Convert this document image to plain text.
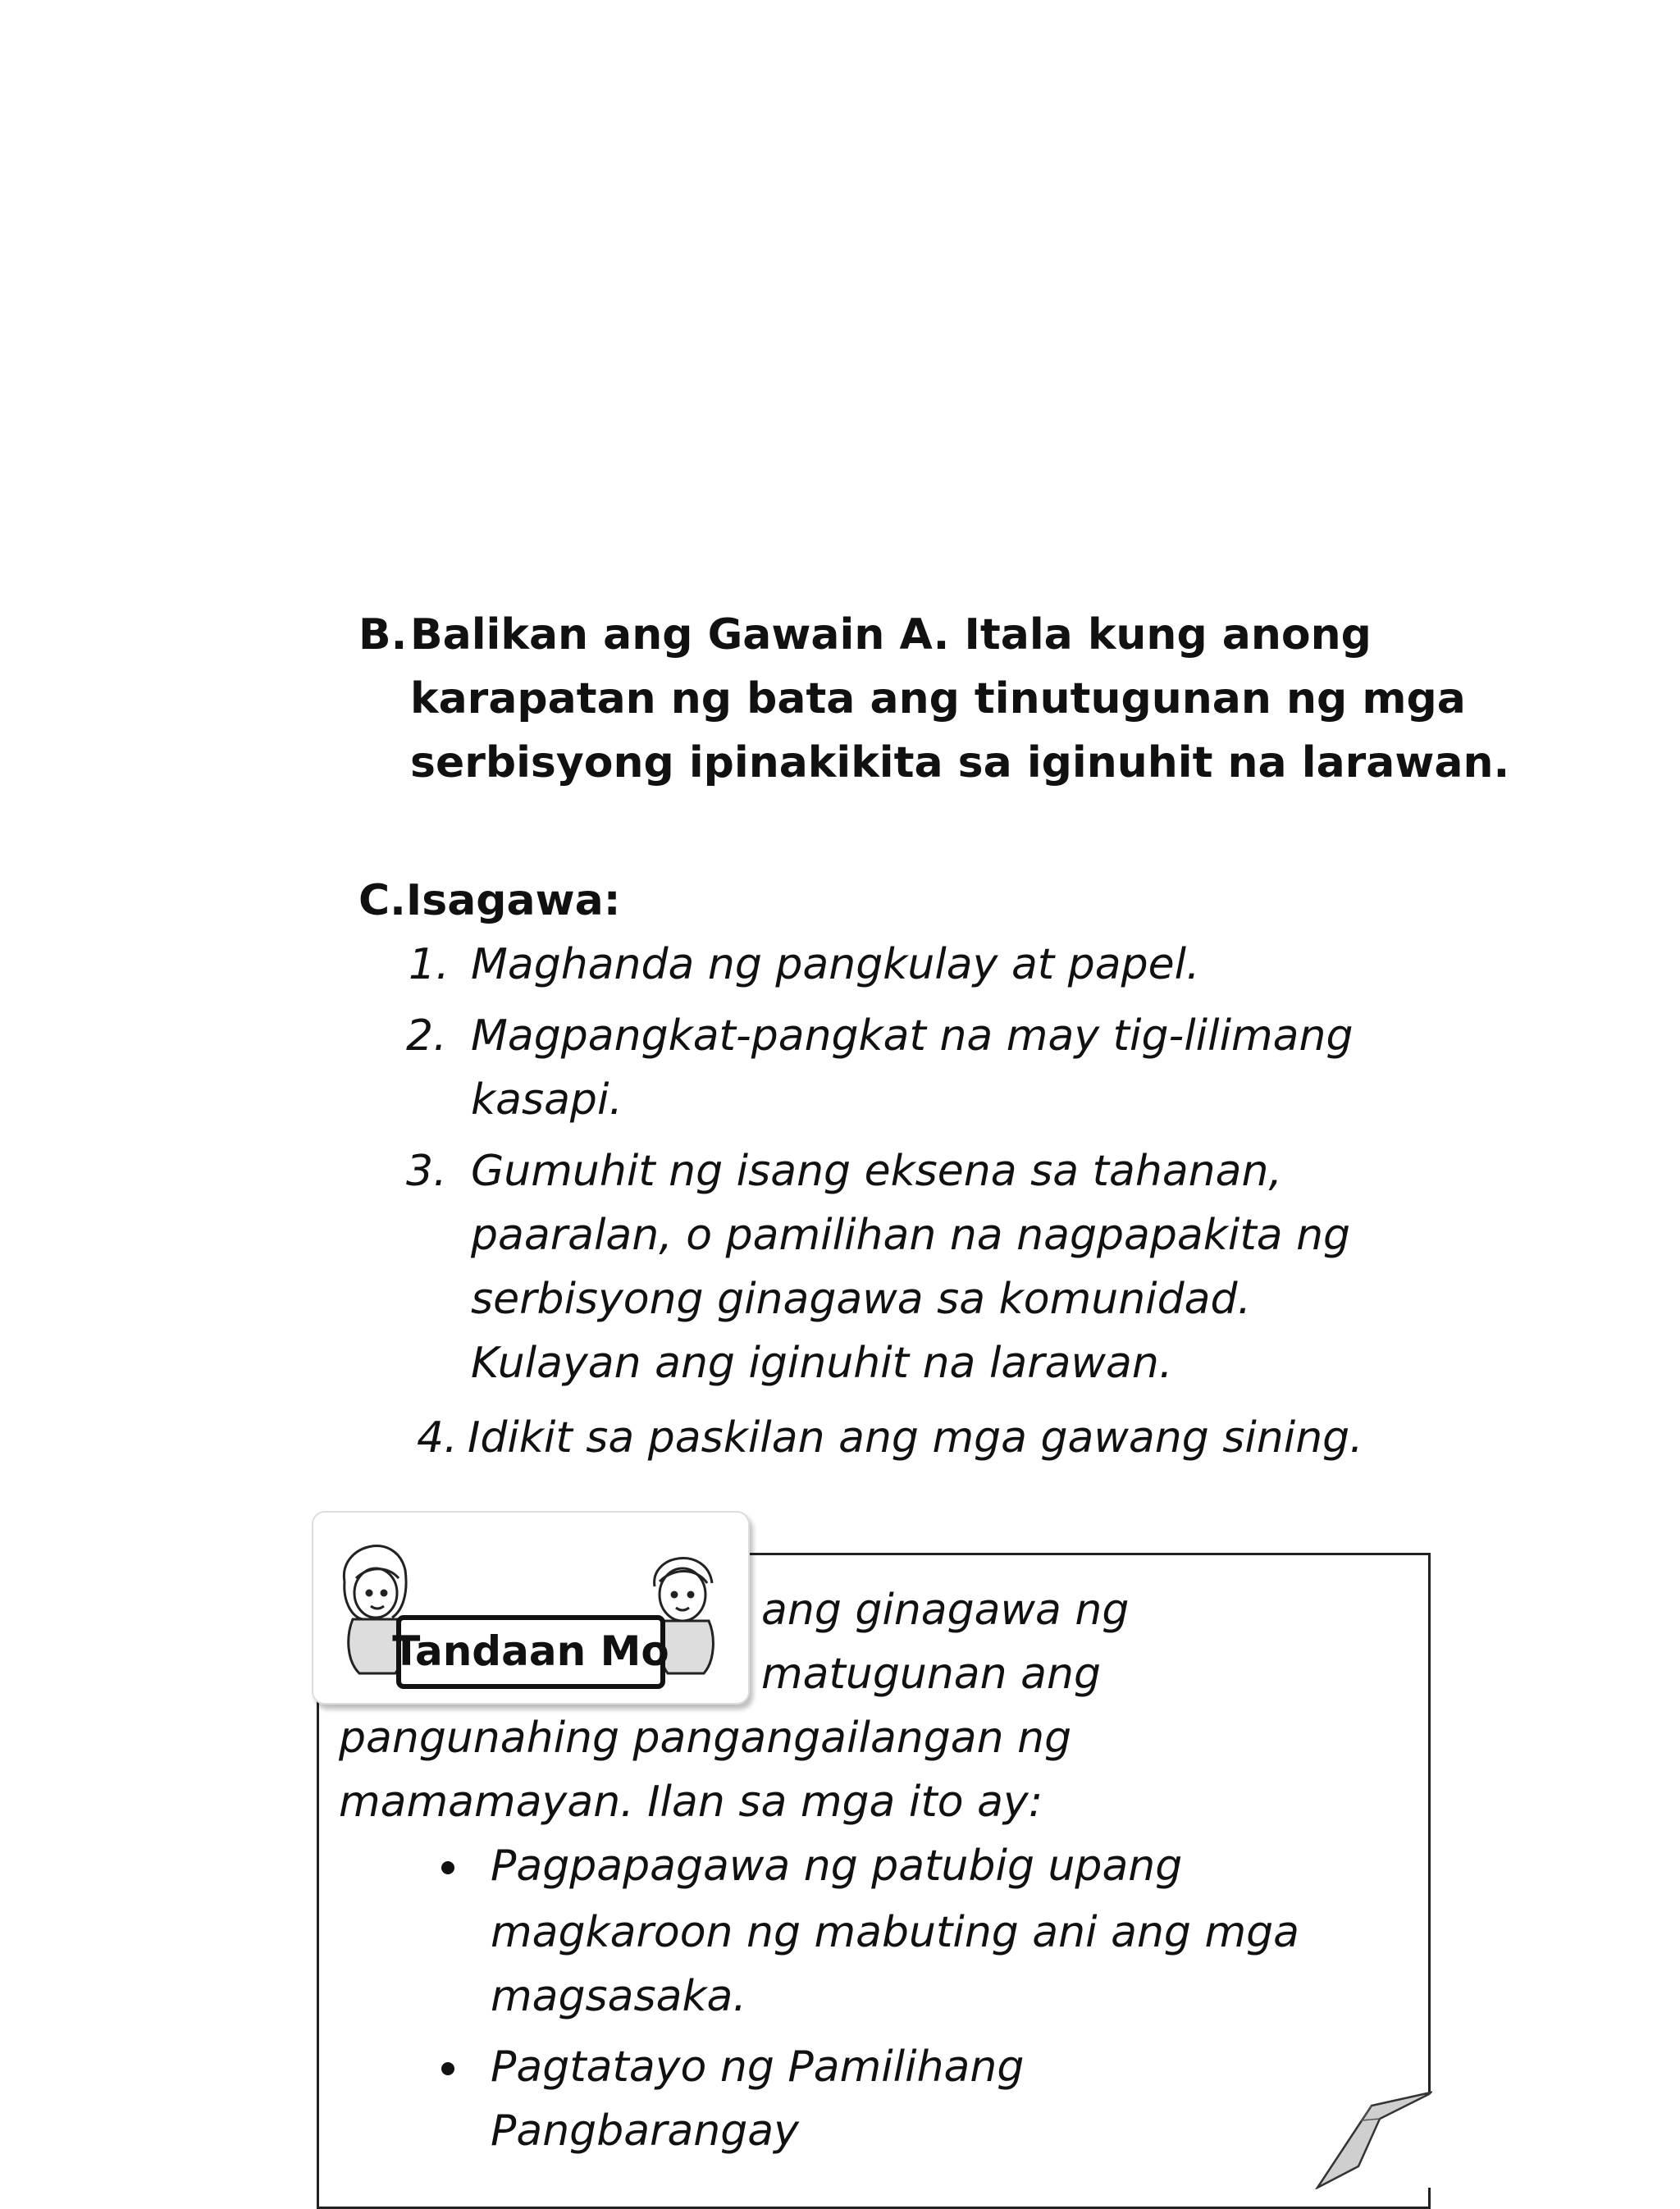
B. Balikan ang Gawain A. Itala kung anong
karapatan ng bata ang tinutugunan ng mga
serbisyong ipinakikita sa iginuhit na larawan.
C.Isagawa:
1. Maghanda ng pangkulay at papel.
2. Magpangkat-pangkat na may tig-lilimang
kasapi.
3. Gumuhit ng isang eksena sa tahanan,
paaralan, o pamilihan na nagpapakita ng
serbisyong ginagawa sa komunidad.
Kulayan ang iginuhit na larawan.
4. Idikit sa paskilan ang mga gawang sining.
ang ginagawa ng
matugunan ang
pangunahing pangangailangan ng
mamamayan. Ilan sa mga ito ay:
Pagpapagawa ng patubig upang
magkaroon ng mabuting ani ang mga
magsasaka.
Pagtatayo ng Pamilihang
Pangbarangay
Tandaan Mo
